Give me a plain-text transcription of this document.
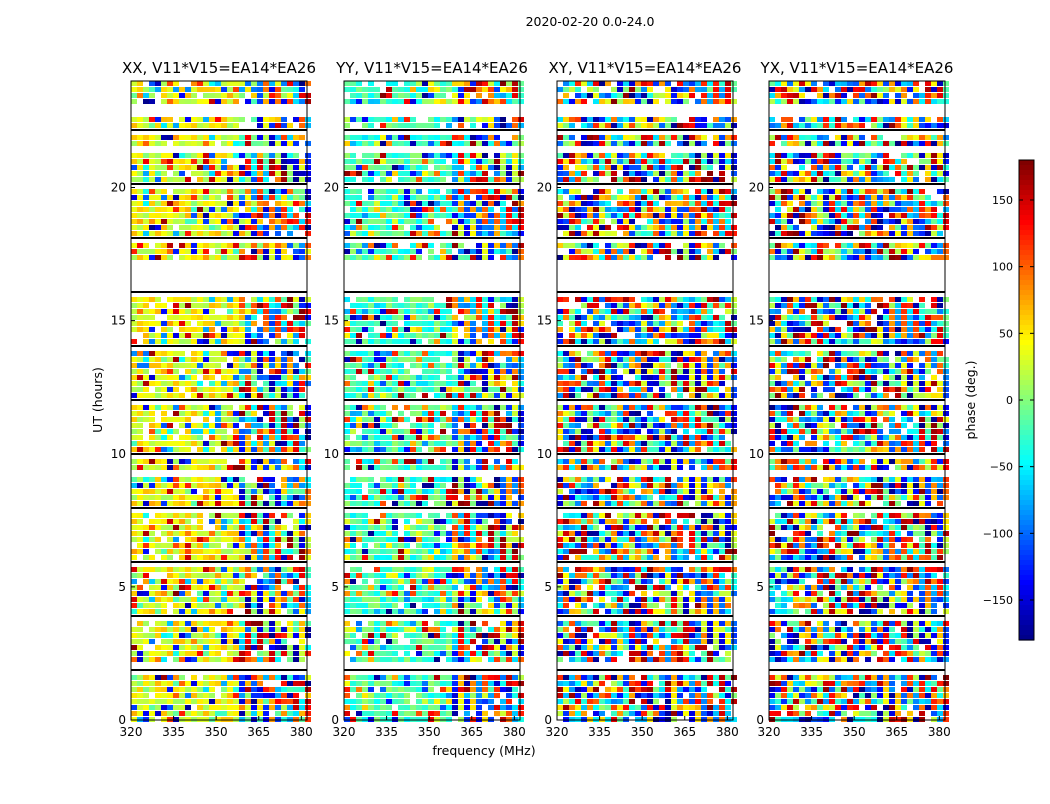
2020-02-20 0.0-24.0
UT (hours)
frequency (MHz)
XX, V11*V15=EA14*EA26
320 335 350 365 380
0
5
10
15
20
YY, V11*V15=EA14*EA26
320 335 350 365 380
0
5
10
15
20
XY, V11*V15=EA14*EA26
320 335 350 365 380
0
5
10
15
20
YX, V11*V15=EA14*EA26
320 335 350 365 380
0
5
10
15
20
150
100
50
0
−50
−100
−150
phase (deg.)
